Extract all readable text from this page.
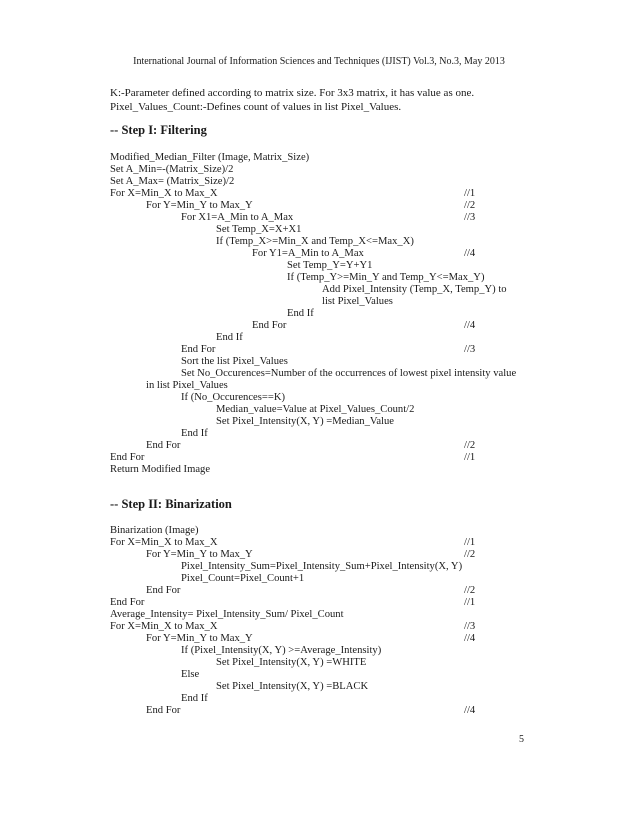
International Journal of Information Sciences and Techniques (IJIST) Vol.3, No.3, May 2013
K:-Parameter defined according to matrix size. For 3x3 matrix, it has value as one.
Pixel_Values_Count:-Defines count of values in list Pixel_Values.
-- Step I: Filtering
Modified_Median_Filter (Image, Matrix_Size)
Set A_Min=-(Matrix_Size)/2
Set A_Max= (Matrix_Size)/2
For X=Min_X to Max_X	//1
For Y=Min_Y to Max_Y	//2
For X1=A_Min to A_Max	//3
Set Temp_X=X+X1
If (Temp_X>=Min_X and Temp_X<=Max_X)
For Y1=A_Min to A_Max	//4
Set Temp_Y=Y+Y1
If (Temp_Y>=Min_Y and Temp_Y<=Max_Y)
Add Pixel_Intensity (Temp_X, Temp_Y) to
list Pixel_Values
End If
End For	//4
End If
End For	//3
Sort the list Pixel_Values
Set No_Occurences=Number of the occurrences of lowest pixel intensity value
in list Pixel_Values
If (No_Occurences==K)
Median_value=Value at Pixel_Values_Count/2
Set Pixel_Intensity(X, Y) =Median_Value
End If
End For	//2
End For	//1
Return Modified Image
-- Step II: Binarization
Binarization (Image)
For X=Min_X to Max_X	//1
For Y=Min_Y to Max_Y	//2
Pixel_Intensity_Sum=Pixel_Intensity_Sum+Pixel_Intensity(X, Y)
Pixel_Count=Pixel_Count+1
End For	//2
End For	//1
Average_Intensity= Pixel_Intensity_Sum/ Pixel_Count
For X=Min_X to Max_X	//3
For Y=Min_Y to Max_Y	//4
If (Pixel_Intensity(X, Y) >=Average_Intensity)
Set Pixel_Intensity(X, Y) =WHITE
Else
Set Pixel_Intensity(X, Y) =BLACK
End If
End For	//4
5
